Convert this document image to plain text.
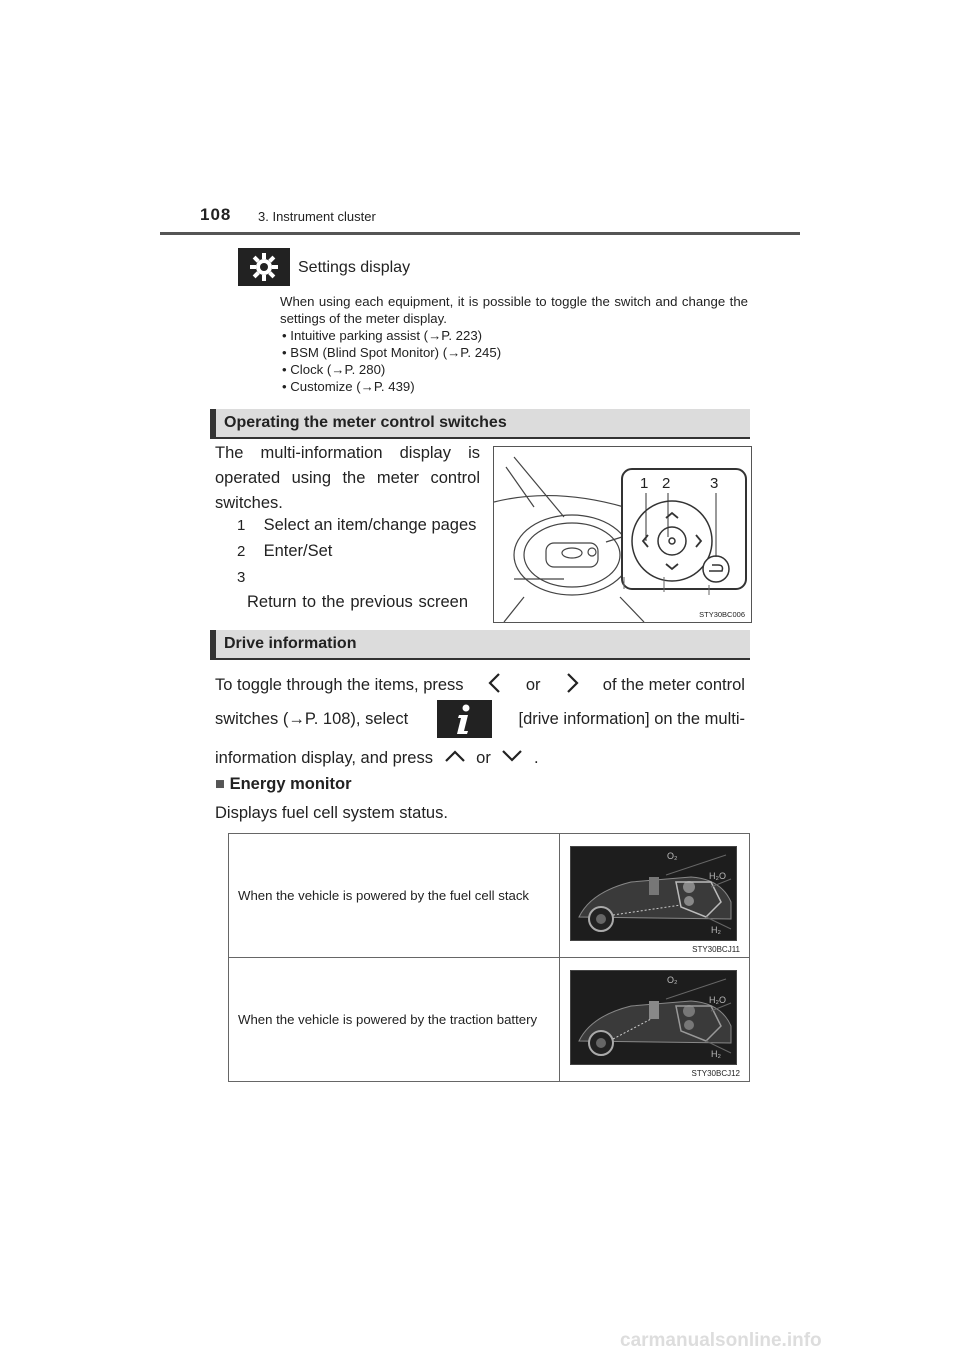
108 3. Instrument cluster
Settings display
When using each equipment, it is possible to toggle the switch and change the settings of the meter display.
• Intuitive parking assist (→P. 223)
• BSM (Blind Spot Monitor) (→P. 245)
• Clock (→P. 280)
• Customize (→P. 439)
Operating the meter control switches
The multi-information display is operated using the meter control switches.
1 Select an item/change pages
2 Enter/Set
3 Return to the previous screen
1 2	3
STY30BC006
Drive information
To toggle through the items, press	or	of the meter control
switches (→P. 108), select	[drive information] on the multi-
information display, and press	or	.
■ Energy monitor
Displays fuel cell system status.
When the vehicle is powered by the fuel cell stack	O₂
H₂O
H₂
STY30BCJ11

When the vehicle is powered by the traction battery	O₂
H₂O
H₂
STY30BCJ12
carmanualsonline.info
